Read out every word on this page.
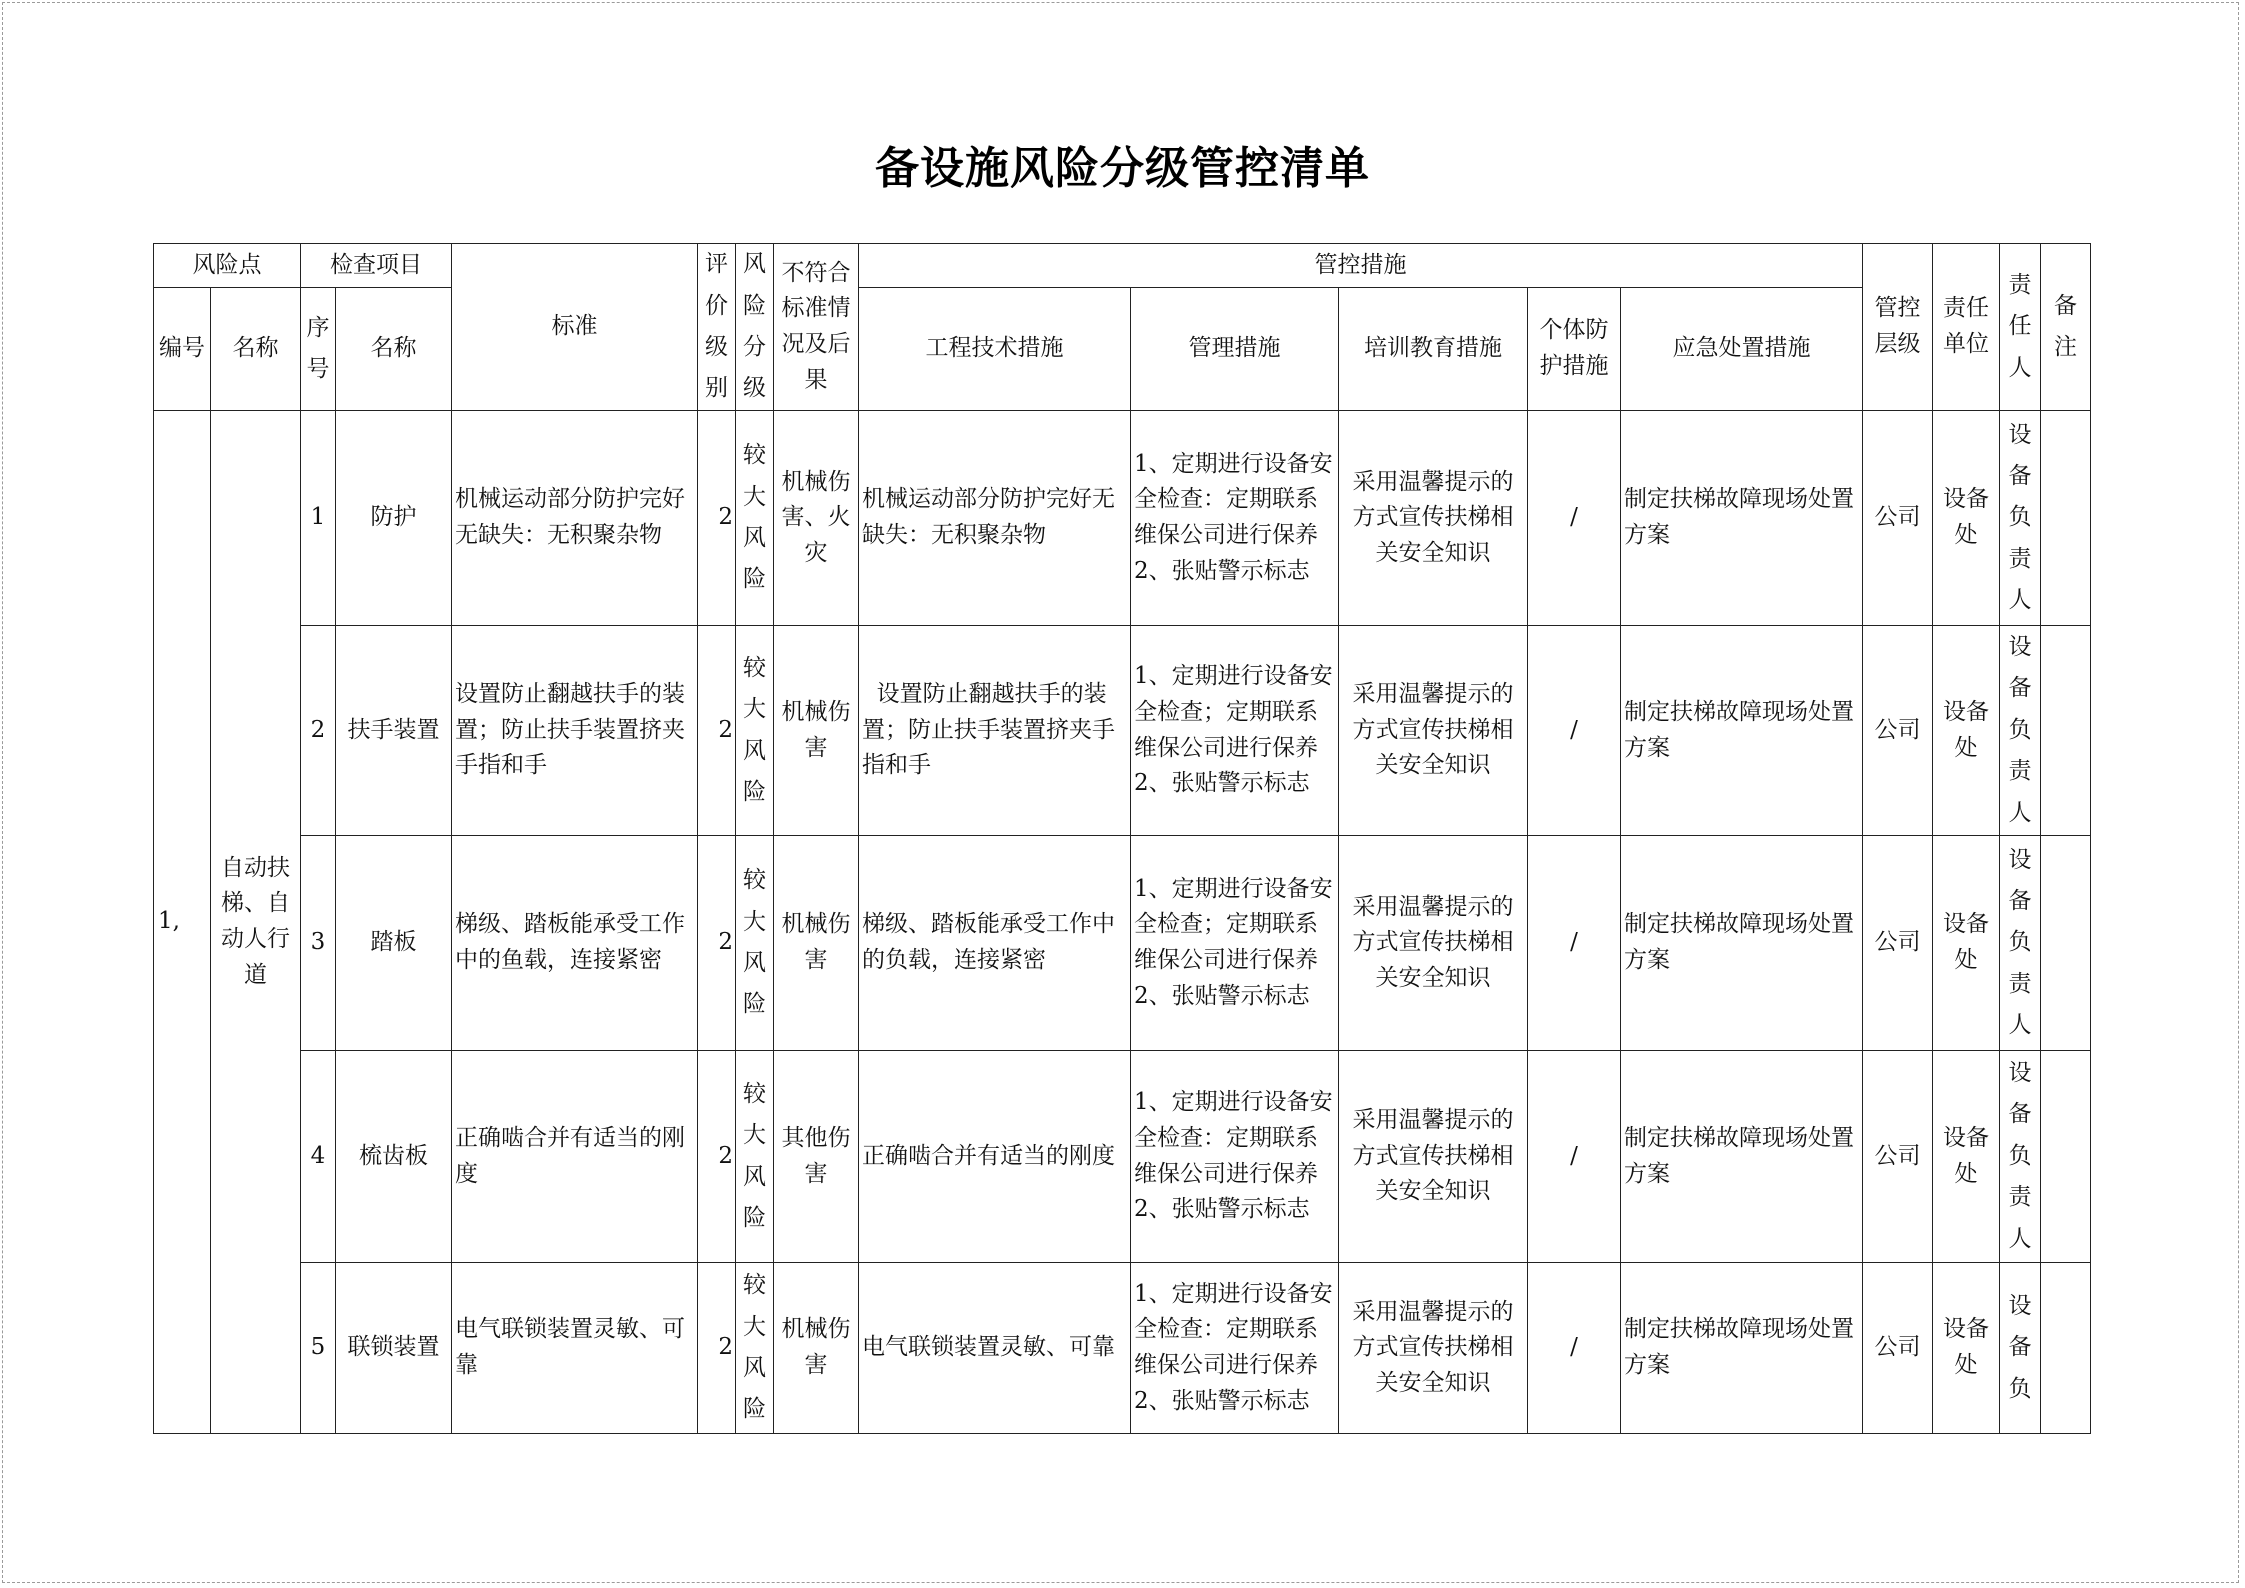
备设施风险分级管控清单
风险点		检查项目		标准	评价级别	风险分级	不符合标准情况及后果	管控措施					管控层级	责任单位	责任人	备注

编号	名称	序号	名称					工程技术措施	管理措施	培训教育措施	个体防护措施	应急处置措施				
1,	自动扶梯、自动人行道	1	防护	机械运动部分防护完好无缺失：无积聚杂物	2	较大风险	机械伤害、火灾	机械运动部分防护完好无缺失：无积聚杂物	1、定期进行设备安全检查：定期联系维保公司进行保养2、张贴警示标志	采用温馨提示的方式宣传扶梯相关安全知识	/	制定扶梯故障现场处置方案	公司	设备处	设备负责人	

		2	扶手装置	设置防止翻越扶手的装置；防止扶手装置挤夹手指和手	2	较大风险	机械伤害	设置防止翻越扶手的装置；防止扶手装置挤夹手指和手	1、定期进行设备安全检查；定期联系维保公司进行保养2、张贴警示标志	采用温馨提示的方式宣传扶梯相关安全知识	/	制定扶梯故障现场处置方案	公司	设备处	设备负责人	

		3	踏板	梯级、踏板能承受工作中的鱼载，连接紧密	2	较大风险	机械伤害	梯级、踏板能承受工作中的负载，连接紧密	1、定期进行设备安全检查；定期联系维保公司进行保养2、张贴警示标志	采用温馨提示的方式宣传扶梯相关安全知识	/	制定扶梯故障现场处置方案	公司	设备处	设备负责人	

		4	梳齿板	正确啮合并有适当的刚度	2	较大风险	其他伤害	正确啮合并有适当的刚度	1、定期进行设备安全检查：定期联系维保公司进行保养2、张贴警示标志	采用温馨提示的方式宣传扶梯相关安全知识	/	制定扶梯故障现场处置方案	公司	设备处	设备负责人	

		5	联锁装置	电气联锁装置灵敏、可靠	2	较大风险	机械伤害	电气联锁装置灵敏、可靠	1、定期进行设备安全检查：定期联系维保公司进行保养2、张贴警示标志	采用温馨提示的方式宣传扶梯相关安全知识	/	制定扶梯故障现场处置方案	公司	设备处	设备负	
